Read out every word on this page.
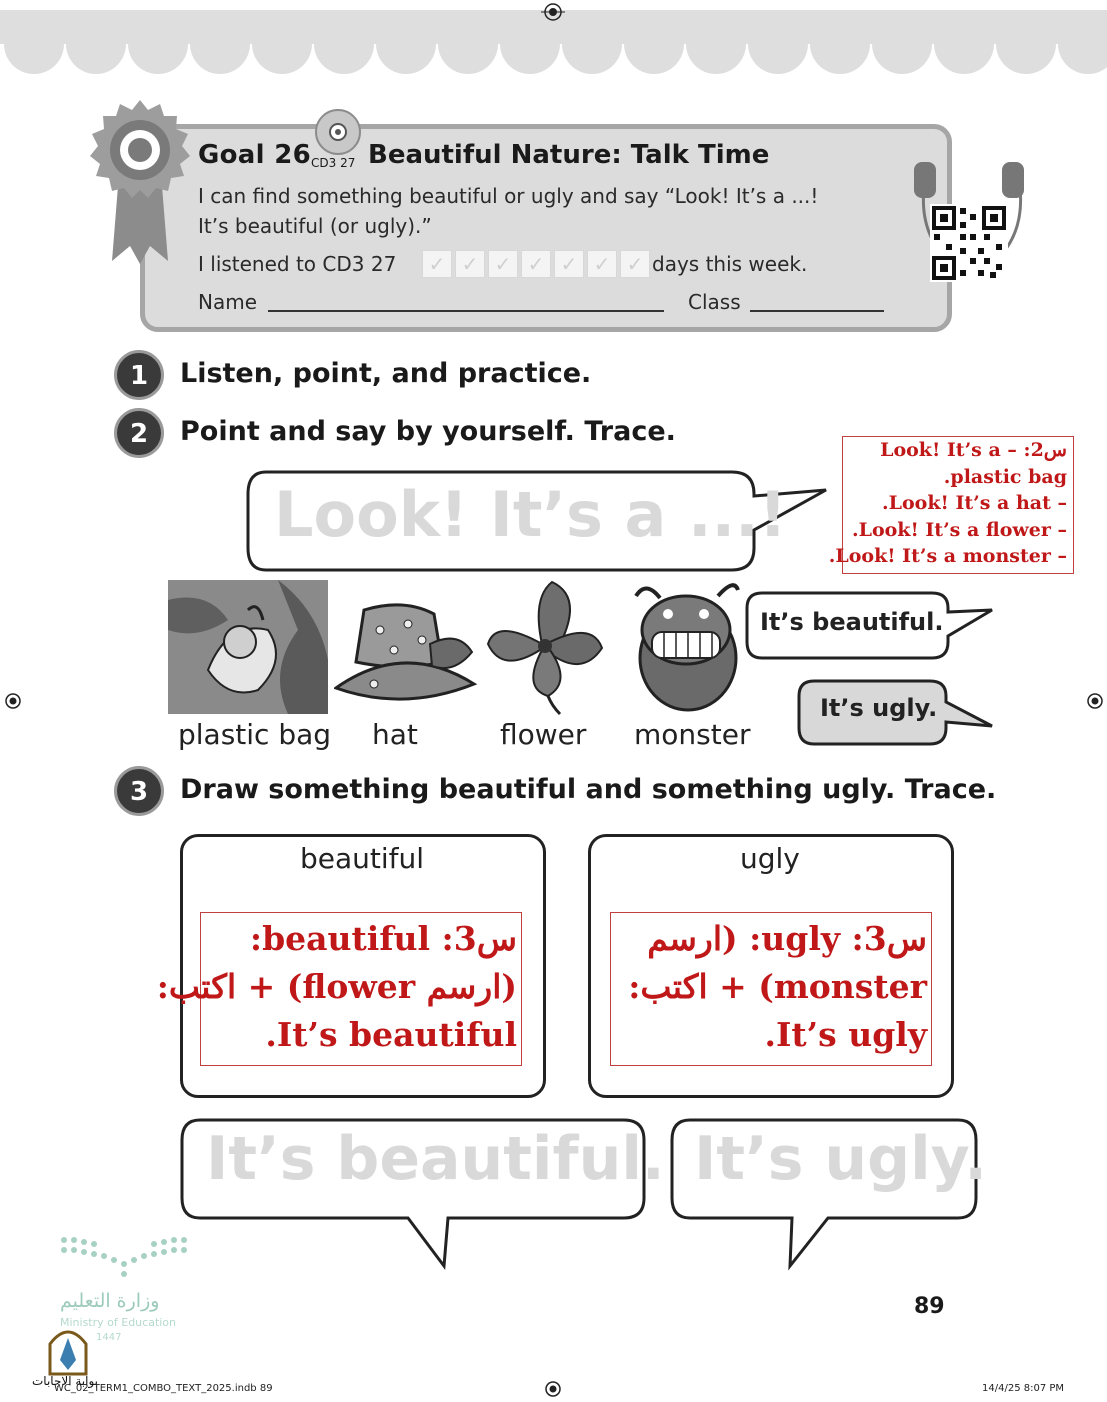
Goal 26 CD3 27 Beautiful Nature: Talk Time
I can find something beautiful or ugly and say “Look! It’s a ...!
It’s beautiful (or ugly).”
I listened to CD3 27	✓ ✓ ✓ ✓ ✓ ✓ ✓ days this week.
Name	Class
1	Listen, point, and practice.
2	Point and say by yourself. Trace.
Look! It’s a ...!
س2: – Look! It’s a
plastic bag.
– Look! It’s a hat.
– Look! It’s a flower.
– Look! It’s a monster.
plastic bag hat	flower monster
It’s beautiful.
It’s ugly.
3	Draw something beautiful and something ugly. Trace.
beautiful	ugly
س3: beautiful:
(ارسم flower) + اكتب:
It’s beautiful.
س3: ugly: (ارسم
monster) + اكتب:
It’s ugly.
It’s beautiful. It’s ugly.
وزارة التعليم
Ministry of Education
1447
89
بوابة الاجابات
WC_02_TERM1_COMBO_TEXT_2025.indb 89	14/4/25 8:07 PM
